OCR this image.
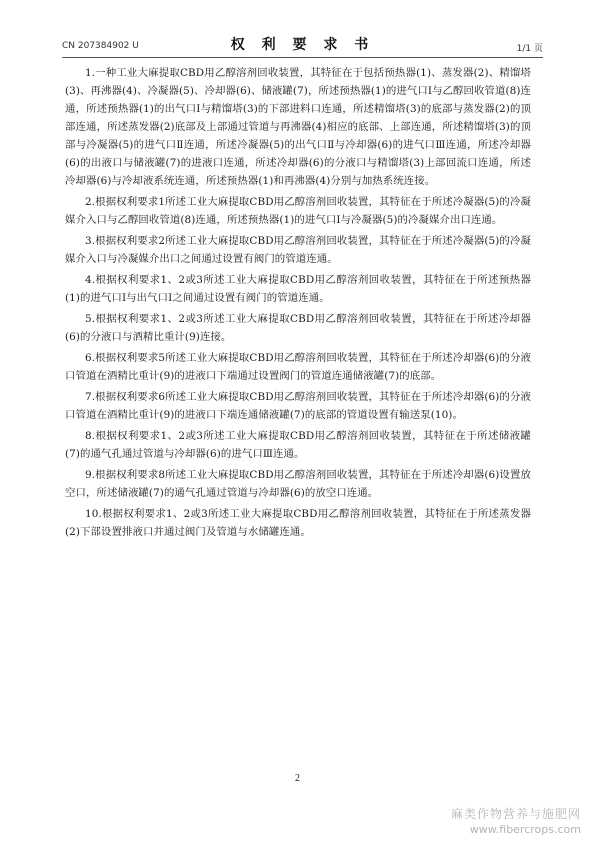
CN 207384902 U	权 利 要 求 书	1/1 页

1.一种工业大麻提取CBD用乙醇溶剂回收装置，其特征在于包括预热器(1)、蒸发器(2)、精馏塔(3)、再沸器(4)、冷凝器(5)、冷却器(6)、储液罐(7)，所述预热器(1)的进气口Ⅰ与乙醇回收管道(8)连通，所述预热器(1)的出气口Ⅰ与精馏塔(3)的下部进料口连通，所述精馏塔(3)的底部与蒸发器(2)的顶部连通，所述蒸发器(2)底部及上部通过管道与再沸器(4)相应的底部、上部连通，所述精馏塔(3)的顶部与冷凝器(5)的进气口Ⅱ连通，所述冷凝器(5)的出气口Ⅱ与冷却器(6)的进气口Ⅲ连通，所述冷却器(6)的出液口与储液罐(7)的进液口连通，所述冷却器(6)的分液口与精馏塔(3)上部回流口连通，所述冷却器(6)与冷却液系统连通，所述预热器(1)和再沸器(4)分别与加热系统连接。

2.根据权利要求1所述工业大麻提取CBD用乙醇溶剂回收装置，其特征在于所述冷凝器(5)的冷凝媒介入口与乙醇回收管道(8)连通，所述预热器(1)的进气口Ⅰ与冷凝器(5)的冷凝媒介出口连通。

3.根据权利要求2所述工业大麻提取CBD用乙醇溶剂回收装置，其特征在于所述冷凝器(5)的冷凝媒介入口与冷凝媒介出口之间通过设置有阀门的管道连通。

4.根据权利要求1、2或3所述工业大麻提取CBD用乙醇溶剂回收装置，其特征在于所述预热器(1)的进气口Ⅰ与出气口Ⅰ之间通过设置有阀门的管道连通。

5.根据权利要求1、2或3所述工业大麻提取CBD用乙醇溶剂回收装置，其特征在于所述冷却器(6)的分液口与酒精比重计(9)连接。

6.根据权利要求5所述工业大麻提取CBD用乙醇溶剂回收装置，其特征在于所述冷却器(6)的分液口管道在酒精比重计(9)的进液口下端通过设置阀门的管道连通储液罐(7)的底部。

7.根据权利要求6所述工业大麻提取CBD用乙醇溶剂回收装置，其特征在于所述冷却器(6)的分液口管道在酒精比重计(9)的进液口下端连通储液罐(7)的底部的管道设置有输送泵(10)。

8.根据权利要求1、2或3所述工业大麻提取CBD用乙醇溶剂回收装置，其特征在于所述储液罐(7)的通气孔通过管道与冷却器(6)的进气口Ⅲ连通。

9.根据权利要求8所述工业大麻提取CBD用乙醇溶剂回收装置，其特征在于所述冷却器(6)设置放空口，所述储液罐(7)的通气孔通过管道与冷却器(6)的放空口连通。

10.根据权利要求1、2或3所述工业大麻提取CBD用乙醇溶剂回收装置，其特征在于所述蒸发器(2)下部设置排液口并通过阀门及管道与水储罐连通。

2
麻类作物营养与施肥网
www.fibercrops.com
